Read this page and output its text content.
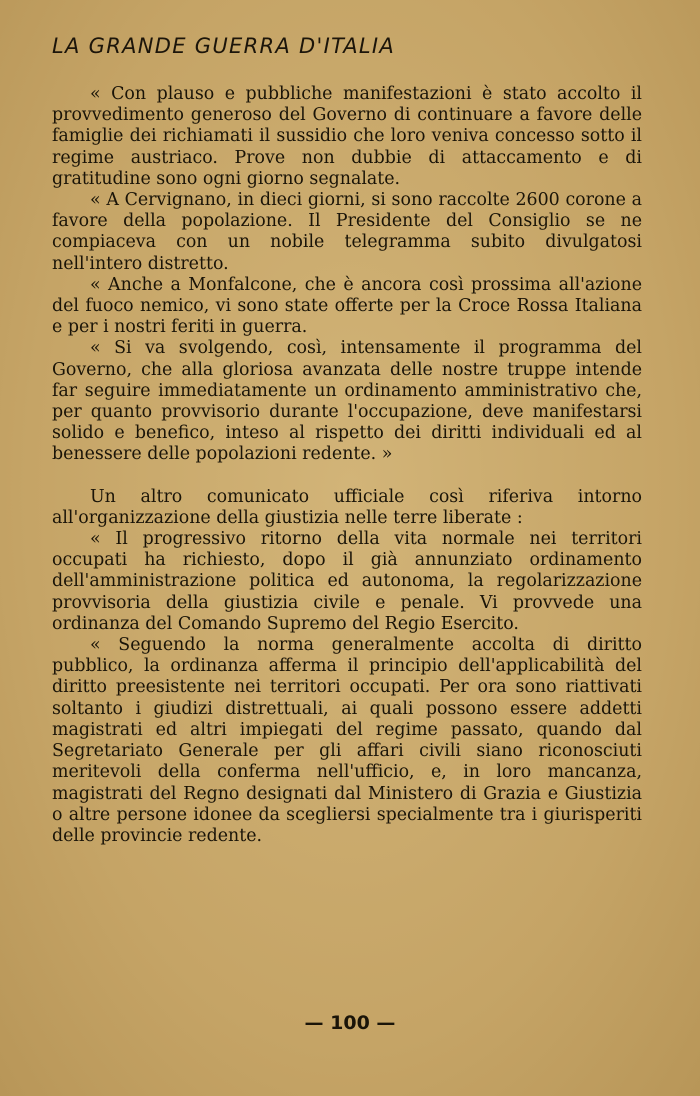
LA GRANDE GUERRA D'ITALIA

« Con plauso e pubbliche manifestazioni è stato accolto il provvedimento generoso del Governo di continuare a favore delle famiglie dei richiamati il sussidio che loro veniva concesso sotto il regime austriaco. Prove non dubbie di attaccamento e di gratitudine sono ogni giorno segnalate.

« A Cervignano, in dieci giorni, si sono raccolte 2600 corone a favore della popolazione. Il Presidente del Consiglio se ne compiaceva con un nobile telegramma subito divulgatosi nell'intero distretto.

« Anche a Monfalcone, che è ancora così prossima all'azione del fuoco nemico, vi sono state offerte per la Croce Rossa Italiana e per i nostri feriti in guerra.

« Si va svolgendo, così, intensamente il programma del Governo, che alla gloriosa avanzata delle nostre truppe intende far seguire immediatamente un ordinamento amministrativo che, per quanto provvisorio durante l'occupazione, deve manifestarsi solido e benefico, inteso al rispetto dei diritti individuali ed al benessere delle popolazioni redente. »

Un altro comunicato ufficiale così riferiva intorno all'organizzazione della giustizia nelle terre liberate :

« Il progressivo ritorno della vita normale nei territori occupati ha richiesto, dopo il già annunziato ordinamento dell'amministrazione politica ed autonoma, la regolarizzazione provvisoria della giustizia civile e penale. Vi provvede una ordinanza del Comando Supremo del Regio Esercito.

« Seguendo la norma generalmente accolta di diritto pubblico, la ordinanza afferma il principio dell'applicabilità del diritto preesistente nei territori occupati. Per ora sono riattivati soltanto i giudizi distrettuali, ai quali possono essere addetti magistrati ed altri impiegati del regime passato, quando dal Segretariato Generale per gli affari civili siano riconosciuti meritevoli della conferma nell'ufficio, e, in loro mancanza, magistrati del Regno designati dal Ministero di Grazia e Giustizia o altre persone idonee da scegliersi specialmente tra i giurisperiti delle provincie redente.

— 100 —
